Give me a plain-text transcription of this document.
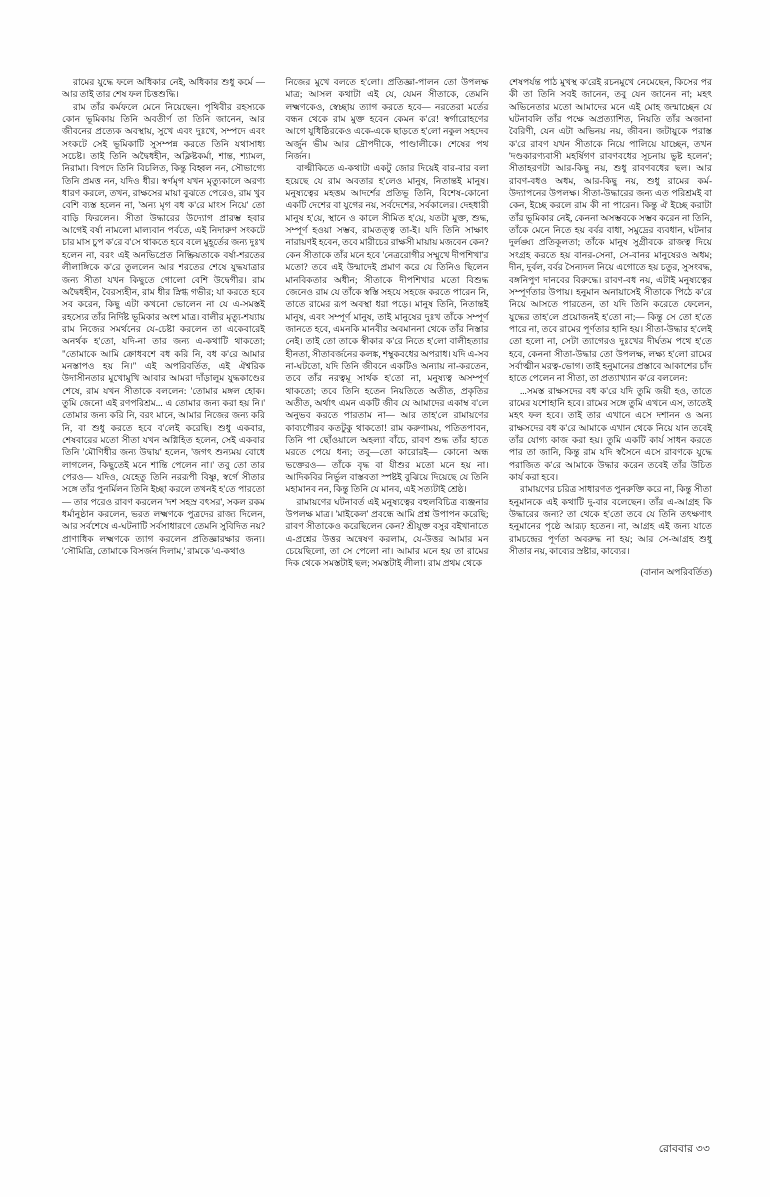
রামের যুদ্ধে ফলে অধিকার নেই, অধিকার শুধু কর্মে —আর তাই তার শেষ ফল চিত্তশুদ্ধি।

রাম তাঁর কর্মফলে মেনে নিয়েছেন। পৃথিবীর রহস্যকে কোন ভূমিকায় তিনি অবতীর্ণ তা তিনি জানেন, আর জীবনের প্রত্যেক অবস্থায়, সুখে এবং দুঃখে, সম্পদে এবং সংকটে সেই ভূমিকাটি সুসম্পন্ন করতে তিনি যথাসাধ্য সচেষ্ট। তাই তিনি অদ্বৈধহীন, অক্লিষ্টকর্মা, শান্ত, শ্যামল, নিরামা। বিপদে তিনি বিচলিত, কিন্তু বিহ্বল নন, সৌভাগ্যে তিনি প্রমত্ত নন, যদিও ধীর। স্বর্ণমৃগ যখন মৃত্যুকালে অরণ্য ধারণ করলে, তখন, রাক্ষসের মায়া বুঝতে পেরেও, রাম খুব বেশি ব্যস্ত হলেন না, 'অন্য মৃগ বধ ক'রে মাংস নিয়ে' তো বাড়ি ফিরলেন। সীতা উদ্ধারের উদ্যোগ প্রারম্ভ হবার আগেই বর্ষা নামলো মাল্যবান পর্বতে, এই নিদারুণ সংকটে চার মাস চুপ ক'রে ব'সে থাকতে হবে বলে মুহূর্তের জন্য দুঃখ হলেন না, বরং এই অনভিপ্রেত নিষ্ক্রিয়তাকে বর্ষা-শরতের লীলাঙ্গিকে ক'রে তুললেন আর শরতের শেষে যুদ্ধযাত্রার জন্য সীতা যখন কিছুতে গোলো বেশি উদ্বেগীর। রাম অদ্বৈধহীন, বৈরস্যহীন, রাম ধীর স্নিগ্ধ গভীর; যা করতে হবে সব করেন, কিছু এটা কখনো ভোলেন না যে এ-সমস্তই রহস্যের তাঁর নির্দিষ্ট ভূমিকার অংশ মাত্র। বালীর মৃত্যু-শয্যায় রাম নিজের সমর্থনের যে-চেষ্টা করলেন তা একেবারেই অনর্থক হ'তো, যদি-না তার জন্য এ-কথাটি থাকতো; "তোমাকে আমি ক্রোধবশে বধ করি নি, বধ ক'রে আমার মনস্তাপও হয় নি।" এই অপরিবর্তিত, এই ঐশ্বরিক উদাসীনতার মুখোমুখি আবার আমরা দাঁড়ালুম যুদ্ধকাণ্ডের শেষে, রাম যখন সীতাকে বললেন: 'তোমার মঙ্গল হোক। তুমি জেনো এই রণপরিশ্রম... এ তোমার জন্য করা হয় নি।' তোমার জন্য করি নি, বরং মানে, আমার নিজের জন্য করি নি, বা শুধু করতে হবে ব'লেই করেছি। শুধু একবার, শেষবারের মতো সীতা যখন অগ্নিহিত হলেন, সেই একবার তিনি 'মৌণিধীর জন্য উদ্বায়' হলেন, 'জগৎ শুন্যময় বোধে লাগলেন, কিছুতেই মনে শান্তি পেলেন না।' তবু তো তার পেরও— যদিও, যেহেতু তিনি নররূপী বিষ্ণু, স্বর্গে সীতার সঙ্গে তাঁর পুনর্মিলন তিনি ইচ্ছা করলে তখনই হ'তে পারতো— তার পরেও রাবণ করলেন 'দশ সহস্র বৎসর', সকল রকম ধর্মানুষ্ঠান করলেন, ভরত লক্ষ্মণকে পুত্রদের রাজ্য দিলেন, আর সর্বশেষে এ-ঘটনাটি সর্বসাধারণে তেমনি সুবিদিত নয়? প্রাণাধিক লক্ষ্মণকে ত্যাগ করলেন প্রতিজ্ঞারক্ষার জন্য। 'সৌমিত্রি, তোমাকে বিসর্জন দিলাম,' রামকে 'এ-কথাও

নিজের মুখে বলতে হ'লো। প্রতিজ্ঞা-পালন তো উপলক্ষ মাত্র; আসল কথাটা এই যে, যেমন সীতাকে, তেমনি লক্ষ্মণকেও, স্বেচ্ছায় ত্যাগ করতে হবে— নরতেরা মর্তের বন্ধন থেকে রাম মুক্ত হবেন কেমন ক'রে! স্বর্গারোহণের আগে যুধিষ্ঠিরকেও একে-একে ছাড়তে হ'লো নকুল সহদেব অর্জুন ভীম আর দ্রৌপদীকে, পাণ্ডালীকে। শেষের পথ নির্জন।

বাল্মীকিতে এ-কথাটা একটু জোর দিয়েই বার-বার বলা হয়েছে যে রাম অবতার হ'লেও মানুষ, নিতান্তই মানুষ। মনুষ্যত্বের মহত্তম আদর্শের প্রতিভূ তিনি, বিশেষ-কোনো একটি দেশের বা যুগের নয়, সর্বদেশের, সর্বকালের। দেহধারী মানুষ হ'য়ে, স্থানে ও কালে সীমিত হ'য়ে, যতটা মুক্ত, শুদ্ধ, সম্পূর্ণ হওয়া সম্ভব, রামতত্ত্ব তা-ই। যদি তিনি সাক্ষাৎ নারায়ণই হবেন, তবে মারীচের রাক্ষসী মায়ায় মজবেন কেন? কেন সীতাকে তাঁর মনে হবে 'নেত্ররোগীর সম্মুখে দীপশিখা'র মতো? তবে এই উন্মাদেই প্রমাণ করে যে তিনিও ছিলেন মানবিকতার অধীন; সীতাকে দীপশিখার মতো বিশুদ্ধ জেনেও রাম যে তাঁকে স্বস্তি সহযে সহজে করতে পারেন নি, তাতে রামের রূপ অবস্থা ধরা পড়ে। মানুষ তিনি, নিতান্তই মানুষ, এবং সম্পূর্ণ মানুষ, তাই মানুষের দুঃখ তাঁকে সম্পূর্ণ জানতে হবে, এমনকি মানবীর অবমাননা থেকে তাঁর নিস্তার নেই। তাই তো তাকে স্বীকার ক'রে নিতে হ'লো বালীহত্যার হীনতা, সীতাবর্জনের কলঙ্ক, শম্বুকবধের অপরাধ। যদি এ-সব না-ঘটতো, যদি তিনি জীবনে একটিও অন্যায় না-করতেন, তবে তাঁর নরত্বমূ সার্থক হ'তো না, মনুষ্যত্ব অসম্পূর্ণ থাকতো; তবে তিনি হতেন নিয়তিতে অতীত, প্রকৃতির অতীত, অর্থাৎ এমন একটি জীব যে আমাদের একাম্ব ব'লে অনুভব করতে পারতাম না— আর তাহ'লে রামায়ণের কাব্যগৌরব কতটুকু থাকতো! রাম করুণাময়, পতিতপাবন, তিনি পা ছোঁওয়ালে অহল্যা বাঁচে, রাবণ শুদ্ধ তাঁর হাতে মরতে পেয়ে ধন্য; তবু—তো কারোরই— কোনো অন্ধ ভক্তেরও— তাঁকে বৃদ্ধ বা যীশুর মতো মনে হয় না। আদিকবির নির্ভুল বাস্তবতা স্পষ্টই বুঝিয়ে দিয়েছে যে তিনি মহামানব নন, কিন্তু তিনি যে মানব, এই সত্যটাই শ্রেষ্ঠ।

রামায়ণের ঘটনাবর্ত এই মনুষ্যত্বের বহুলবিচিত্র ব্যঞ্জনার উপলক্ষ মাত্র। 'মাইকেল' প্রবন্ধে আমি প্রশ্ন উপাপন করেছি; রাবণ সীতাকেও করেছিলেন কেন? শ্রীযুক্ত বসুর বইখানাতে এ-প্রশ্নের উত্তর অন্বেষণ করলাম, যে-উত্তর আমার মন চেয়েছিলো, তা সে পেলো না। আমার মনে হয় তা রামের দিক থেকে সমস্তটাই ছল; সমস্তটাই লীলা। রাম প্রথম থেকে

শেষপর্যন্ত পাঠ মুখস্থ ক'রেই রচনমুখে নেমেছেন, কিসের পর কী তা তিনি সবই জানেন, তবু যেন জানেন না; মহৎ অভিনেতার মতো আমাদের মনে এই মোহ জন্মাচ্ছেন যে ঘটনাবলি তাঁর পক্ষে অপ্রত্যাশিত, নিয়তি তাঁর অজানা বৈরিণী, যেন এটা অভিনয় নয়, জীবন। জটায়ুকে পরাস্ত ক'রে রাবণ যখন সীতাকে নিয়ে পালিয়ে যাচ্ছেন, তখন 'দণ্ডকারণ্যবাসী মহর্ষিগণ রাবণবধের সূচনায় ভুষ্ট হলেন'; সীতাহরণটা আর-কিছু নয়, শুধু রাবণবধের ছল। আর রাবণ-বধও অধম, আর-কিছু নয়, শুধু রামের কর্ম-উদ্যাপনের উপলক্ষ। সীতা-উদ্ধারের জন্য এত পরিশ্রমই বা কেন, ইচ্ছে করলে রাম কী না পারেন। কিন্তু ঐ ইচ্ছে করাটা তাঁর ভূমিকার নেই, কেননা অসম্ভবকে সম্ভব করেন না তিনি, তাঁকে মেনে নিতে হয় বর্বর বাধা, সমুদ্রের ব্যবধান, ঘটনার দুর্লঙ্ঘ্য প্রতিকূলতা; তাঁকে মানুষ সুগ্রীবকে রাজত্ব দিয়ে সংগ্রহ করতে হয় বানর-সেনা, সে-বানর মানুষেরও অধম; দীন, দুর্বল, বর্বর সৈন্যদল নিয়ে এগোতে হয় চতুর, সুসংবদ্ধ, বঙ্গনিপুণ দানবের বিরুদ্ধে। রাবণ-বধ নয়, এটাই মনুষ্যত্বের সম্পূর্ণতার উপায়। হনুমান অনায়াসেই সীতাকে পিঠে ক'রে নিয়ে আসতে পারতেন, তা যদি তিনি করেতে ফেলেন, যুদ্ধের তাহ'লে প্রয়োজনই হ'তো না;— কিন্তু সে তো হ'তে পারে না, তবে রামের পূর্ণতার হানি হয়। সীতা-উদ্ধার হ'লেই তো হলো না, সেটা ত্যাগেরও দুঃখের দীর্ঘতম পথে হ'তে হবে, কেননা সীতা-উদ্ধার তো উপলক্ষ, লক্ষ্য হ'লো রামের সর্বাত্মীন মরত্ব-ভোগ। তাই হনুমানের প্রস্তাবে আকাশের চাঁদ হাতে পেলেন না সীতা, তা প্রত্যাখ্যান ক'রে বললেন:

...সমস্ত রাক্ষসদের বধ ক'রে যদি তুমি জয়ী হও, তাতে রামের যশোহানি হবে। রামের সঙ্গে তুমি এখনে এস, তাতেই মহৎ ফল হবে। তাই তার এখানে এসে দশানন ও অন্য রাক্ষসদের বধ ক'রে আমাকে এখান থেকে নিয়ে যান তবেই তাঁর যোগ্য কাজ করা হয়। তুমি একটি কার্য সাধন করতে পার তা জানি, কিন্তু রাম যদি স্বসৈনে এসে রাবণকে যুদ্ধে পরাজিত ক'রে আমাকে উদ্ধার করেন তবেই তাঁর উচিত কার্য করা হবে।

রামায়ণের চরিত্র সাধারণত পুনরুক্তি করে না, কিন্তু সীতা হনুমানকে এই কথাটি দু-বার বলেছেন। তাঁর এ-আগ্রহ কি উদ্ধারের জন্য? তা থেকে হ'তো তবে যে তিনি তৎক্ষণাৎ হনুমানের পৃষ্ঠে আরূঢ় হতেন। না, আগ্রহ এই জন্য যাতে রামচন্দ্রের পূর্ণতা অবরুদ্ধ না হয়; আর সে-আগ্রহ শুধু সীতার নয়, কাব্যের স্রষ্টার, কাব্যের।

(বানান অপরিবর্তিত)

রোববার ৩৩
